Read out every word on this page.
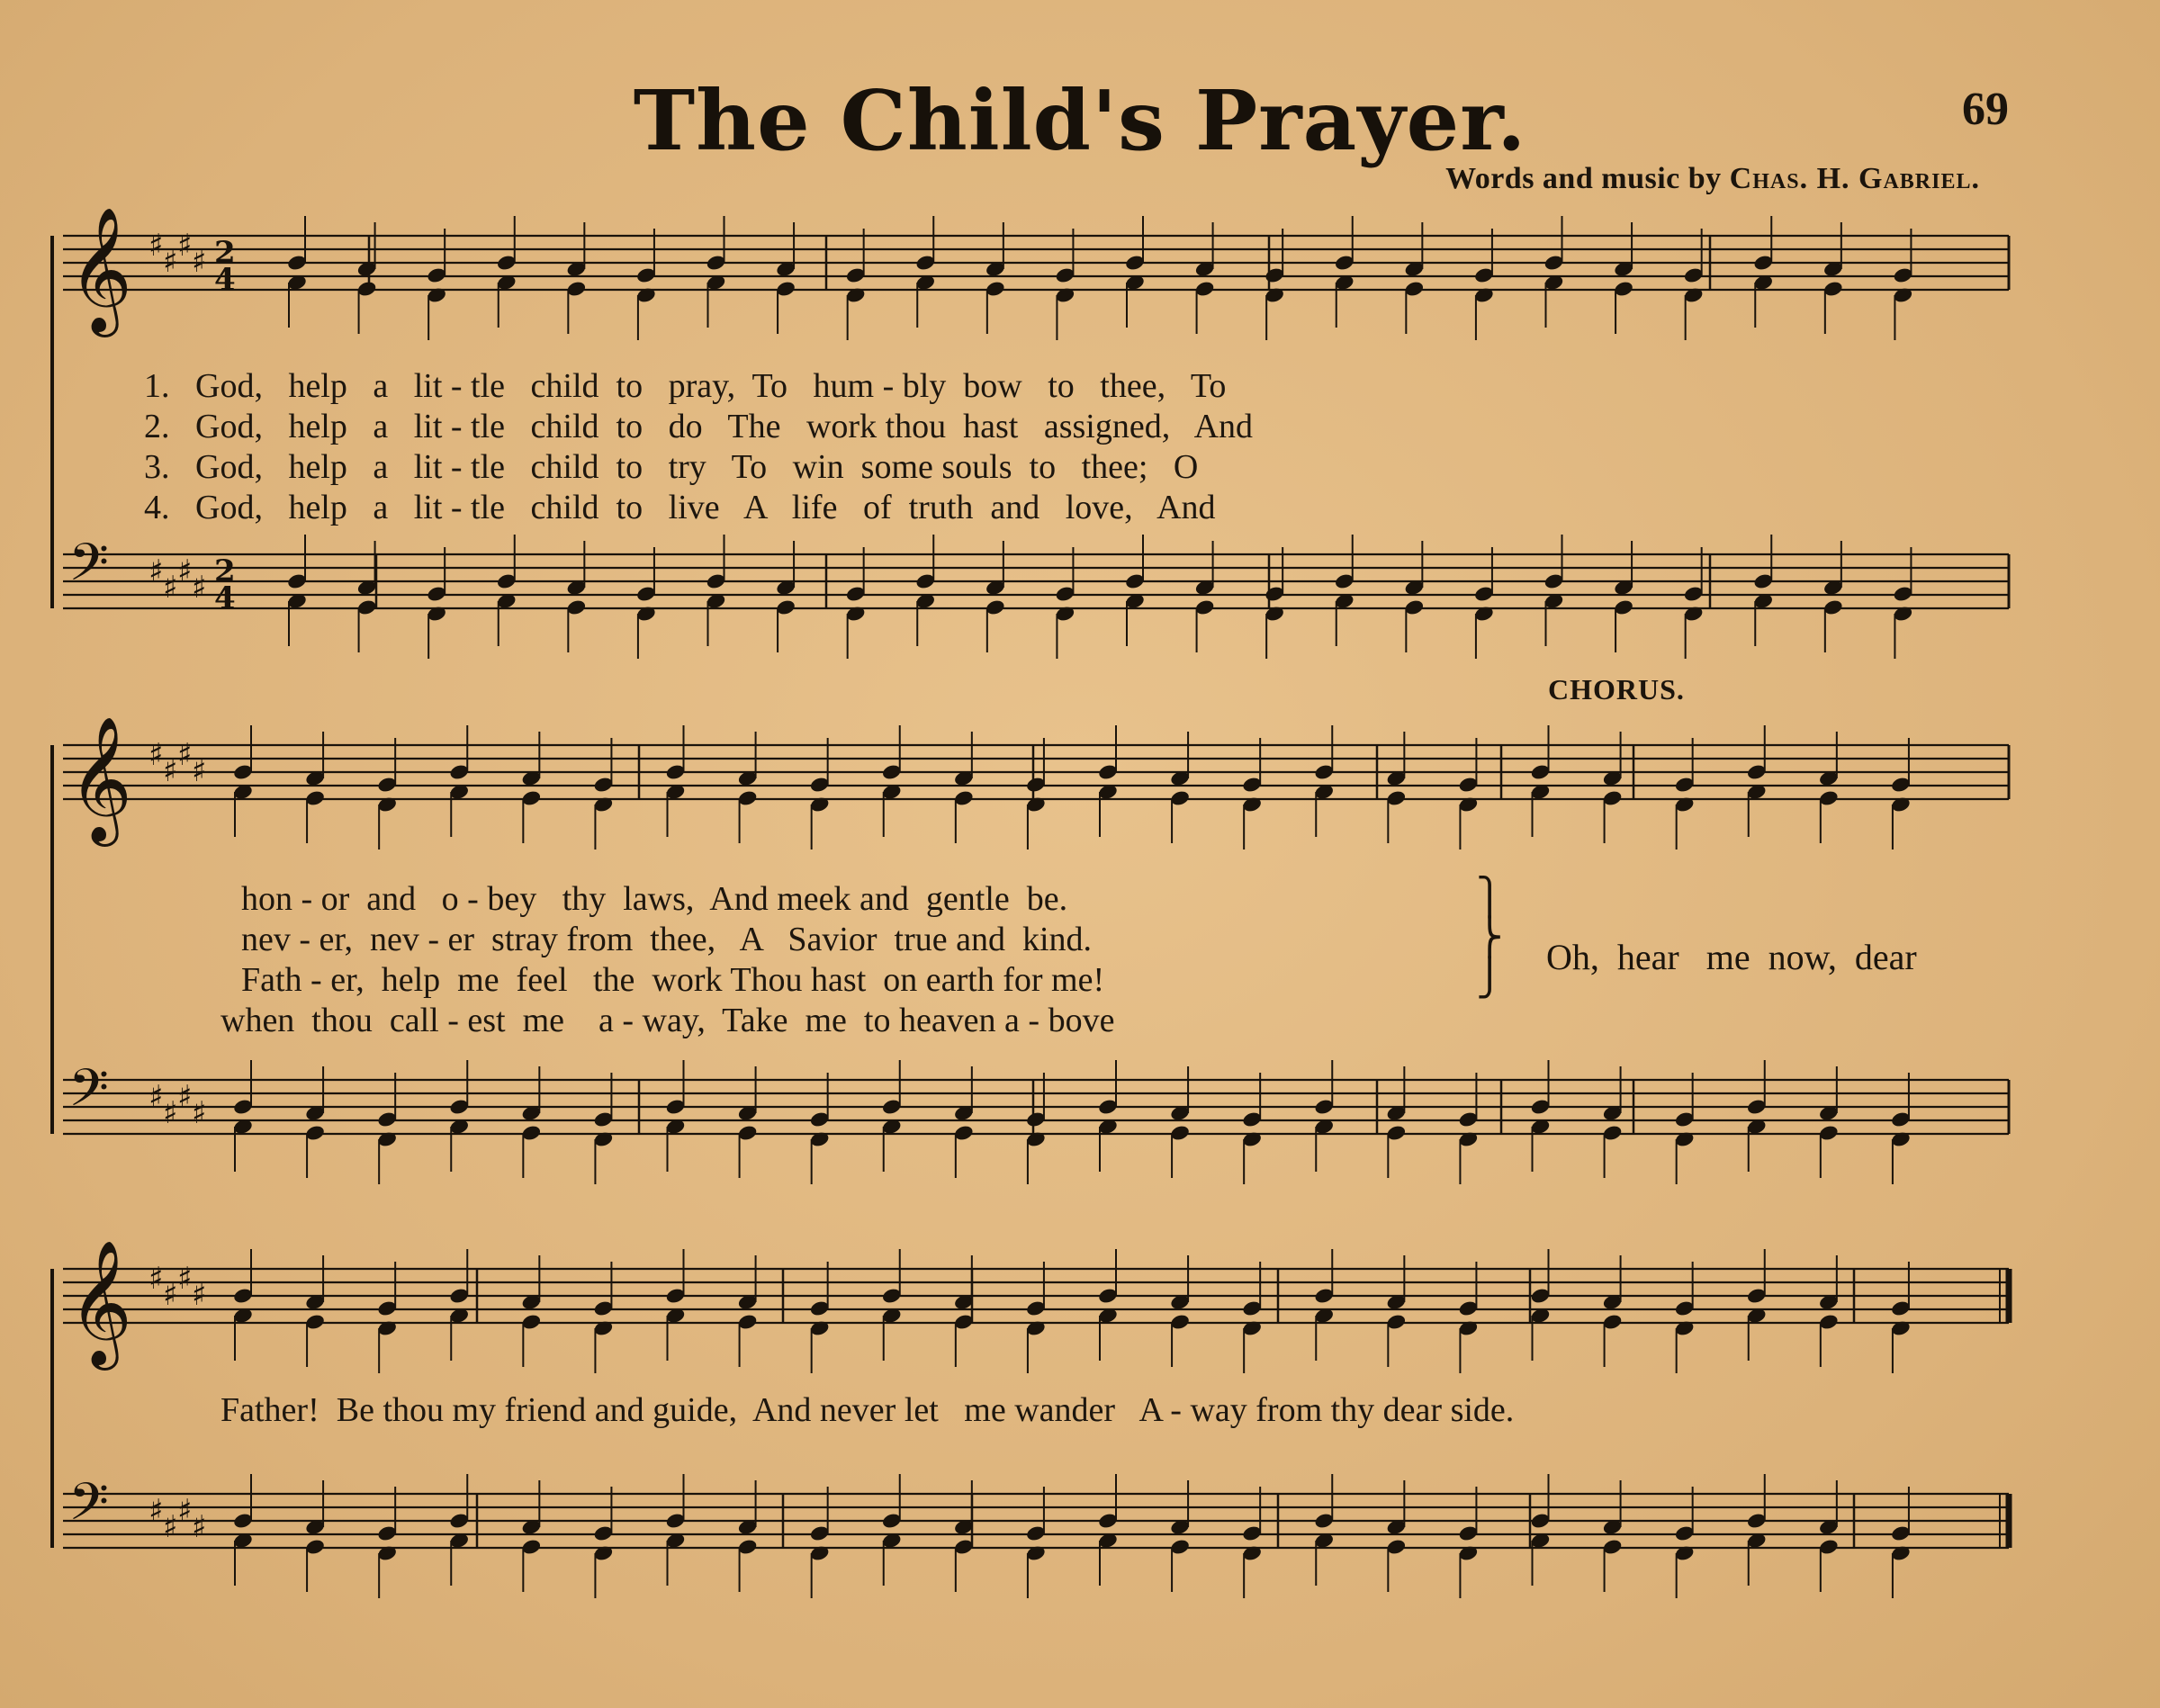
The Child's Prayer.	69
Words and music by Chas. H. Gabriel.
𝄞 ♯ ♯ ♯ ♯
𝄢 ♯ ♯ ♯ ♯
𝄞 ♯ ♯ ♯ ♯
𝄢 ♯ ♯ ♯ ♯
𝄞 ♯ ♯ ♯ ♯
𝄢 ♯ ♯ ♯ ♯
2
4
2
4
1.   God,   help   a   lit - tle   child  to   pray,  To   hum - bly  bow   to   thee,   To
2.   God,   help   a   lit - tle   child  to   do   The   work thou  hast   assigned,   And
3.   God,   help   a   lit - tle   child  to   try   To   win  some souls  to   thee;   O
4.   God,   help   a   lit - tle   child  to   live   A   life   of  truth  and   love,   And
CHORUS.
hon - or  and   o - bey   thy  laws,  And meek and  gentle  be.
nev - er,  nev - er  stray from  thee,   A   Savior  true and  kind.
Fath - er,  help  me  feel   the  work Thou hast  on earth for me!
when  thou  call - est  me    a - way,  Take  me  to heaven a - bove
⎫
⎬
⎭
Oh,  hear   me  now,  dear
Father!  Be thou my friend and guide,  And never let   me wander   A - way from thy dear side.
